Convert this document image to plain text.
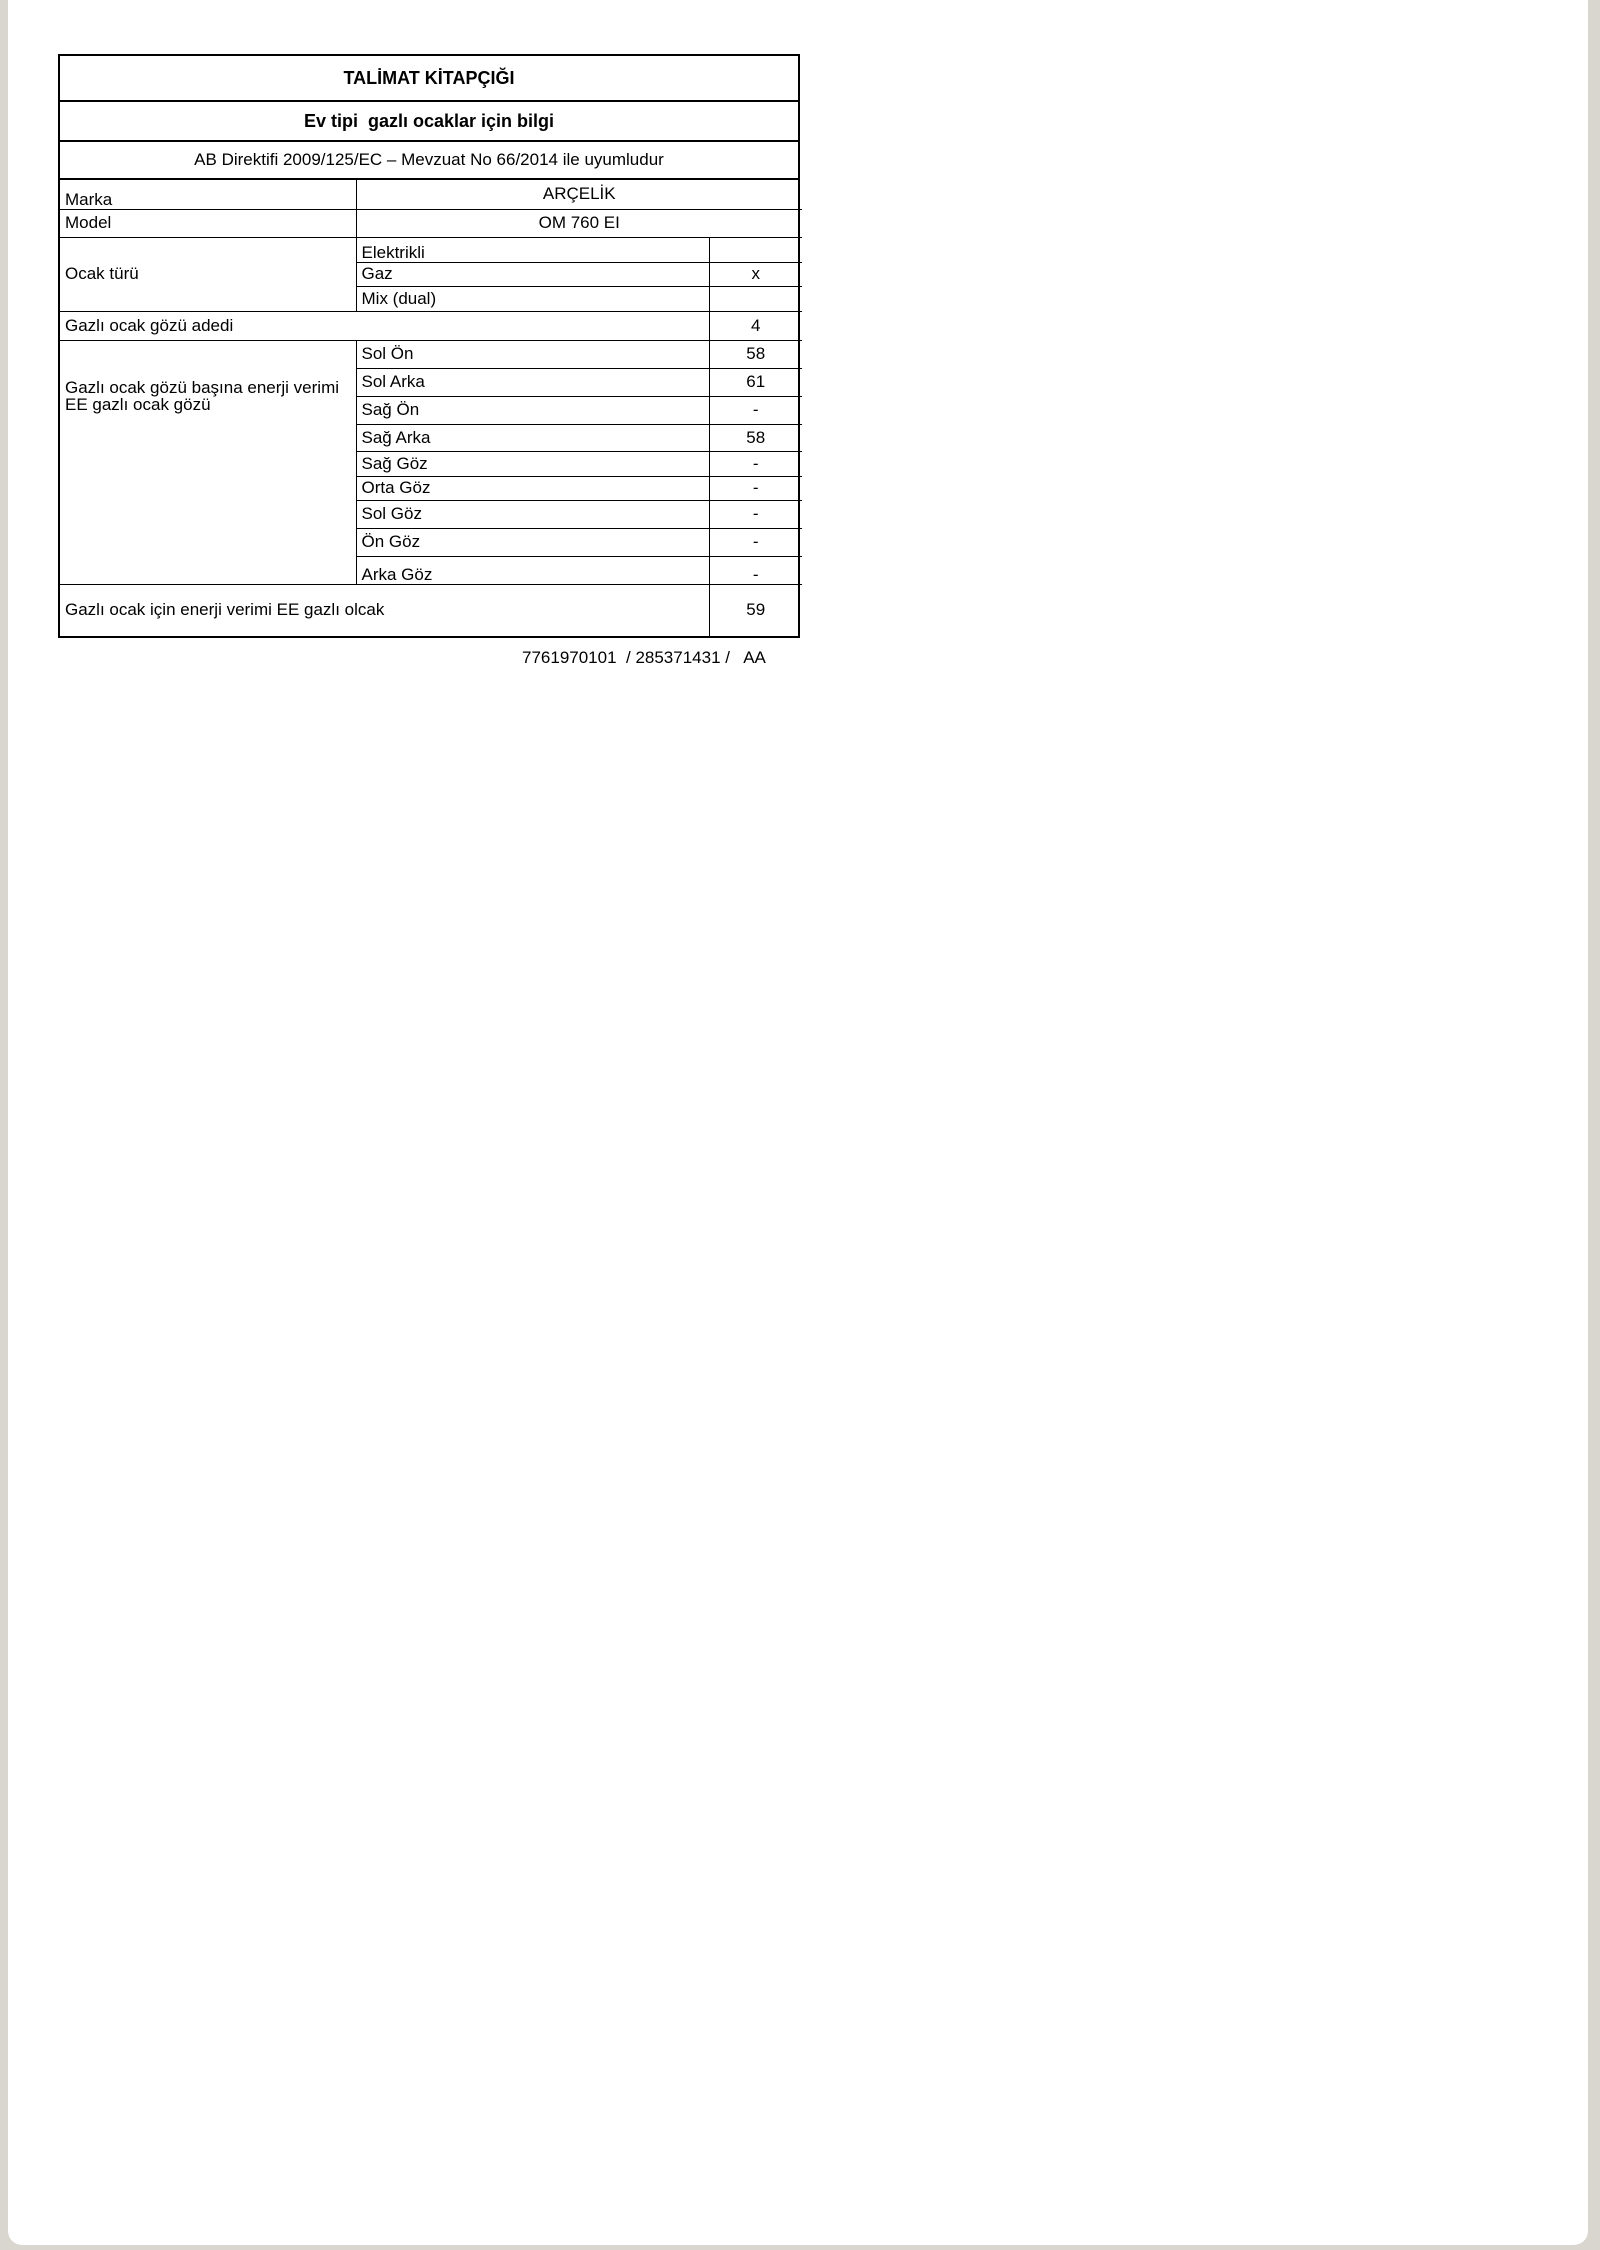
TALİMAT KİTAPÇIĞI
Ev tipi  gazlı ocaklar için bilgi
AB Direktifi 2009/125/EC – Mevzuat No 66/2014 ile uyumludur
Marka	ARÇELİK	
Model	OM 760 EI	
Ocak türü	Elektrikli	
	Gaz	x
	Mix (dual)	
Gazlı ocak gözü adedi		4
Gazlı ocak gözü başına enerji verimi EE gazlı ocak gözü	Sol Ön	58
	Sol Arka	61
	Sağ Ön	-
	Sağ Arka	58
	Sağ Göz	-
	Orta Göz	-
	Sol Göz	-
	Ön Göz	-
	Arka Göz	-
Gazlı ocak için enerji verimi EE gazlı olcak		59
7761970101  / 285371431 /   AA
